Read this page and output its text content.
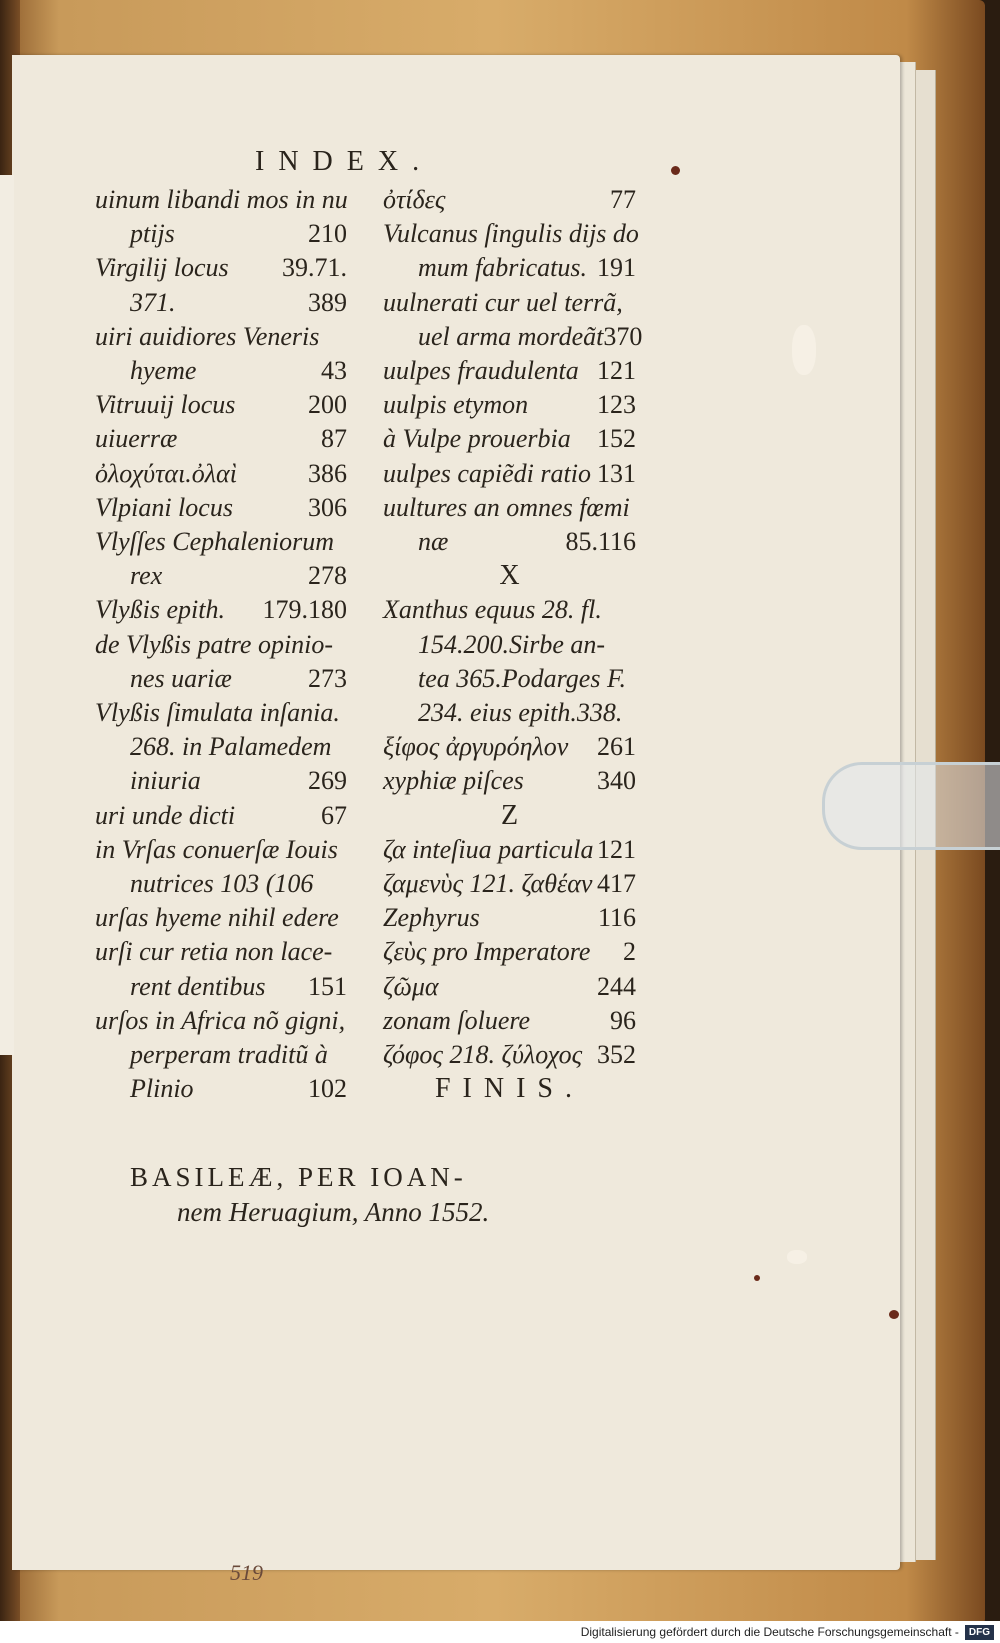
INDEX.
uinum libandi mos in nu
ptijs	210
Virgilij locus 39.71.
371.	389
uiri auidiores Veneris
hyeme	43
Vitruuij locus	200
uiuerræ	87
ὀλοχύται.ὀλαὶ	386
Vlpiani locus	306
Vlyſſes Cephaleniorum
rex	278
Vlyßis epith. 179.180
de Vlyßis patre opinio-
nes uariæ	273
Vlyßis ſimulata inſania.
268. in Palamedem
iniuria	269
uri unde dicti	67
in Vrſas conuerſæ Iouis
nutrices 103 (106
urſas hyeme nihil edere
urſi cur retia non lace-
rent dentibus 151
urſos in Africa nõ gigni,
perperam traditũ à
Plinio	102
ὀτίδες	77
Vulcanus ſingulis dijs do
mum fabricatus. 191
uulnerati cur uel terrã,
uel arma mordeãt 370
uulpes fraudulenta 121
uulpis etymon	123
à Vulpe prouerbia 152
uulpes capiẽdi ratio 131
uultures an omnes fœmi
næ	85.116
X
Xanthus equus 28. fl.
154.200.Sirbe an-
tea 365.Podarges F.
234. eius epith.338.
ξίφος ἀργυρόηλον 261
xyphiæ piſces	340
Z
ζα inteſiua particula 121
ζαμενὺς 121. ζαθέαν 417
Zephyrus	116
ζεὺς pro Imperatore 2
ζῶμα	244
zonam ſoluere	96
ζόφος 218. ζύλοχος 352
FINIS.
BASILEÆ, PER IOAN-
nem Heruagium, Anno 1552.
519
Digitalisierung gefördert durch die Deutsche Forschungsgemeinschaft -	DFG
